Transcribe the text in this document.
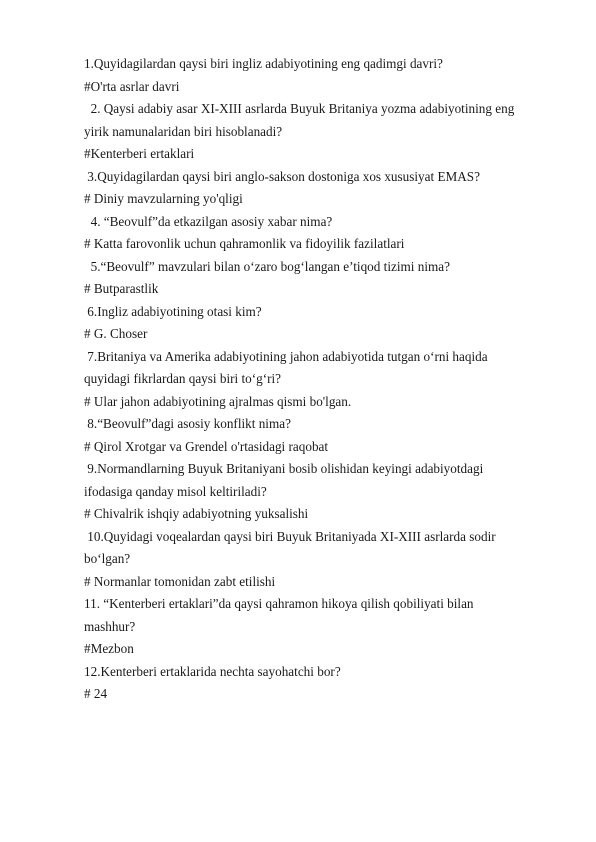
1.Quyidagilardan qaysi biri ingliz adabiyotining eng qadimgi davri?
#O'rta asrlar davri
2. Qaysi adabiy asar XI-XIII asrlarda Buyuk Britaniya yozma adabiyotining eng
yirik namunalaridan biri hisoblanadi?
#Kenterberi ertaklari
3.Quyidagilardan qaysi biri anglo-sakson dostoniga xos xususiyat EMAS?
# Diniy mavzularning yo'qligi
4. “Beovulf”da etkazilgan asosiy xabar nima?
# Katta farovonlik uchun qahramonlik va fidoyilik fazilatlari
5.“Beovulf” mavzulari bilan o‘zaro bog‘langan e’tiqod tizimi nima?
# Butparastlik
6.Ingliz adabiyotining otasi kim?
# G. Choser
7.Britaniya va Amerika adabiyotining jahon adabiyotida tutgan o‘rni haqida
quyidagi fikrlardan qaysi biri to‘g‘ri?
# Ular jahon adabiyotining ajralmas qismi bo'lgan.
8.“Beovulf”dagi asosiy konflikt nima?
# Qirol Xrotgar va Grendel o'rtasidagi raqobat
9.Normandlarning Buyuk Britaniyani bosib olishidan keyingi adabiyotdagi
ifodasiga qanday misol keltiriladi?
# Chivalrik ishqiy adabiyotning yuksalishi
10.Quyidagi voqealardan qaysi biri Buyuk Britaniyada XI-XIII asrlarda sodir
bo‘lgan?
# Normanlar tomonidan zabt etilishi
11. “Kenterberi ertaklari”da qaysi qahramon hikoya qilish qobiliyati bilan
mashhur?
#Mezbon
12.Kenterberi ertaklarida nechta sayohatchi bor?
# 24
